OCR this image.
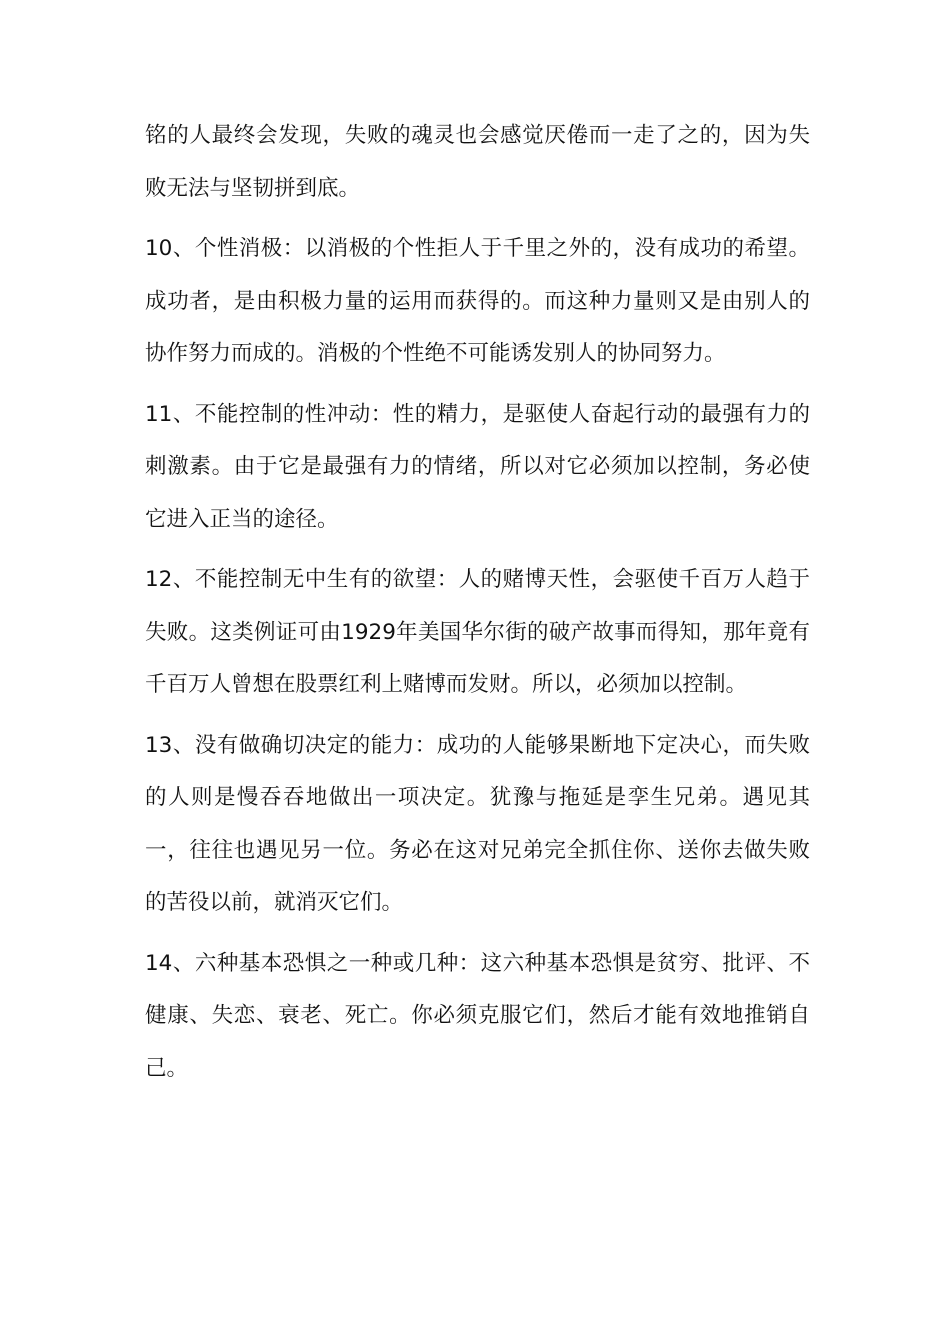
铭的人最终会发现，失败的魂灵也会感觉厌倦而一走了之的，因为失败无法与坚韧拼到底。

10、个性消极：以消极的个性拒人于千里之外的，没有成功的希望。成功者，是由积极力量的运用而获得的。而这种力量则又是由别人的协作努力而成的。消极的个性绝不可能诱发别人的协同努力。

11、不能控制的性冲动：性的精力，是驱使人奋起行动的最强有力的刺激素。由于它是最强有力的情绪，所以对它必须加以控制，务必使它进入正当的途径。

12、不能控制无中生有的欲望：人的赌博天性，会驱使千百万人趋于失败。这类例证可由1929年美国华尔街的破产故事而得知，那年竟有千百万人曾想在股票红利上赌博而发财。所以，必须加以控制。

13、没有做确切决定的能力：成功的人能够果断地下定决心，而失败的人则是慢吞吞地做出一项决定。犹豫与拖延是孪生兄弟。遇见其一，往往也遇见另一位。务必在这对兄弟完全抓住你、送你去做失败的苦役以前，就消灭它们。

14、六种基本恐惧之一种或几种：这六种基本恐惧是贫穷、批评、不健康、失恋、衰老、死亡。你必须克服它们，然后才能有效地推销自己。
